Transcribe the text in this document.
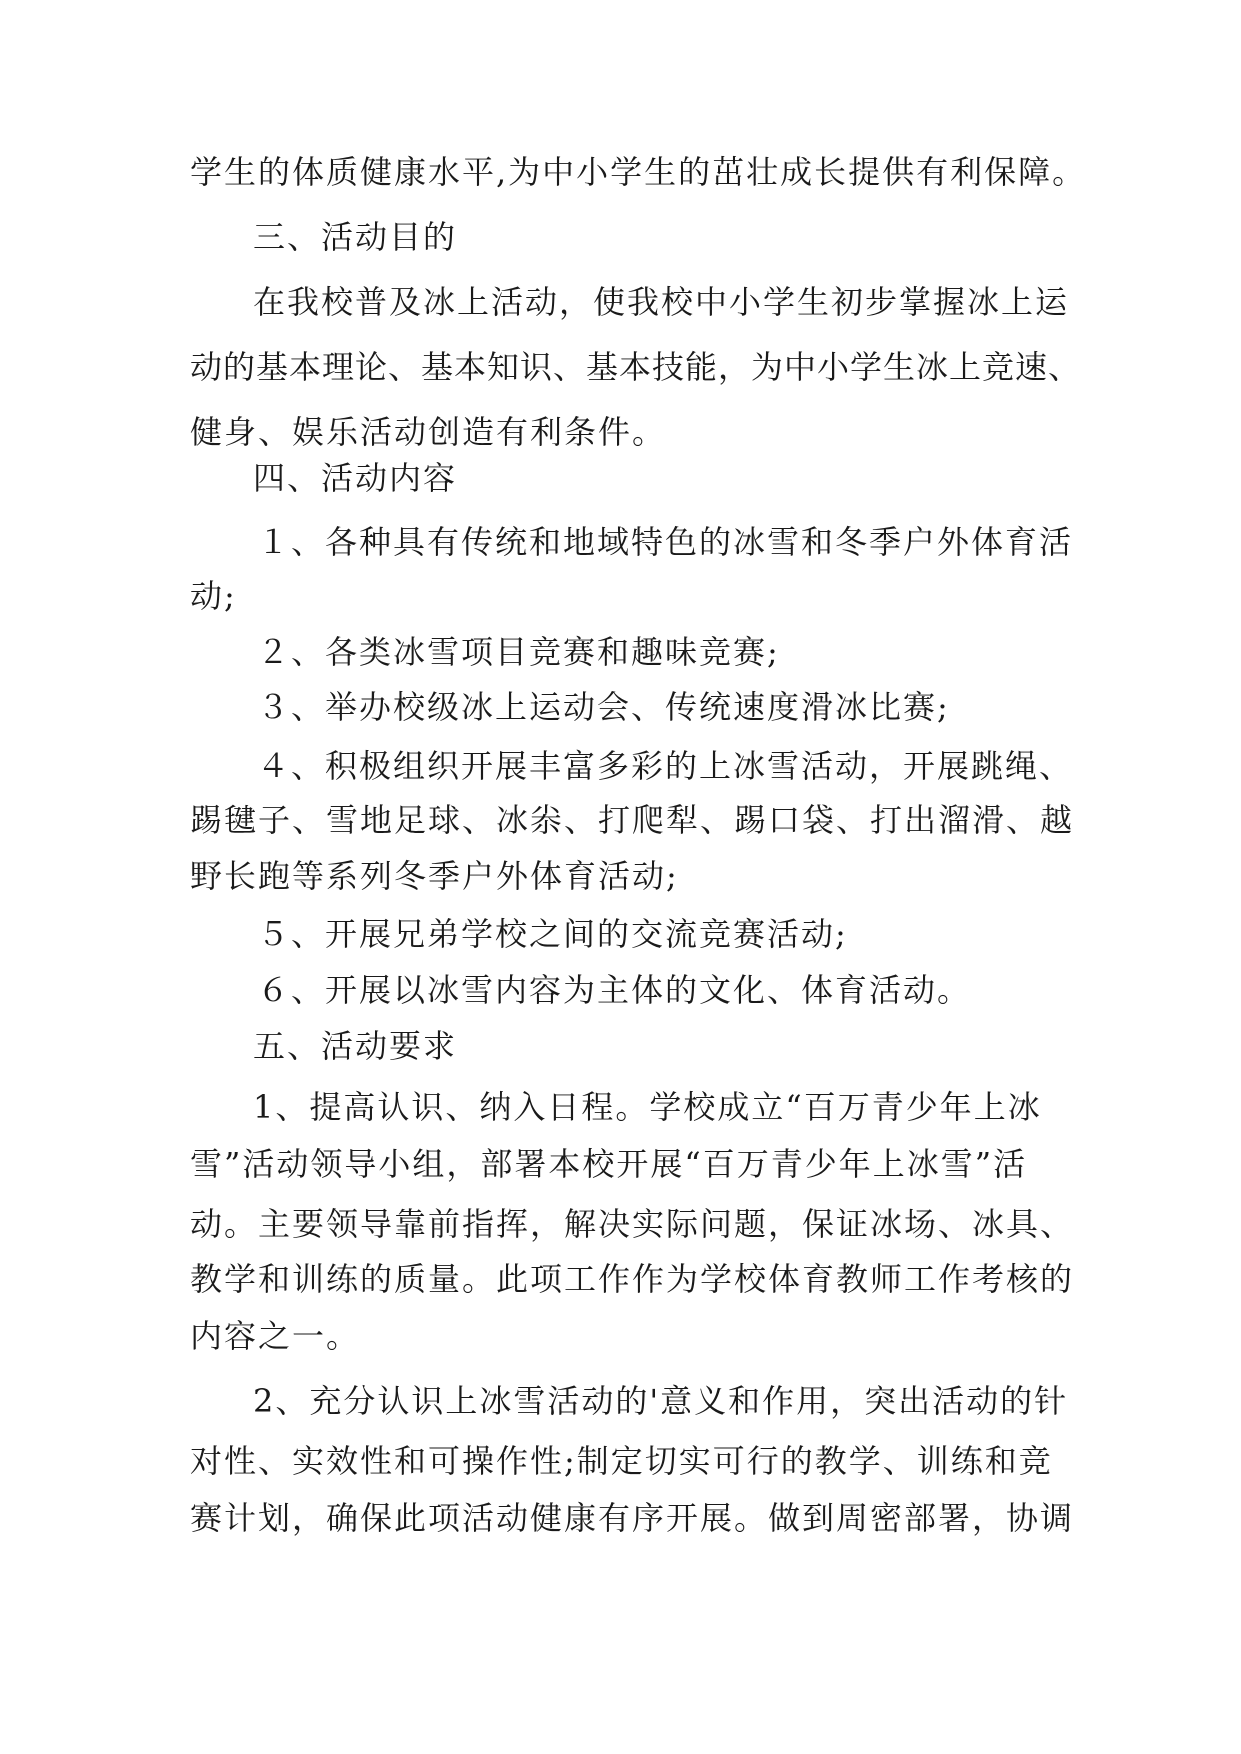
学生的体质健康水平,为中小学生的茁壮成长提供有利保障。
三、活动目的
在我校普及冰上活动，使我校中小学生初步掌握冰上运
动的基本理论、基本知识、基本技能，为中小学生冰上竞速、
健身、娱乐活动创造有利条件。
四、活动内容
１、各种具有传统和地域特色的冰雪和冬季户外体育活
动;
２、各类冰雪项目竞赛和趣味竞赛;
３、举办校级冰上运动会、传统速度滑冰比赛;
４、积极组织开展丰富多彩的上冰雪活动，开展跳绳、
踢毽子、雪地足球、冰尜、打爬犁、踢口袋、打出溜滑、越
野长跑等系列冬季户外体育活动;
５、开展兄弟学校之间的交流竞赛活动;
６、开展以冰雪内容为主体的文化、体育活动。
五、活动要求
1、提高认识、纳入日程。学校成立“百万青少年上冰
雪”活动领导小组，部署本校开展“百万青少年上冰雪”活
动。主要领导靠前指挥，解决实际问题，保证冰场、冰具、
教学和训练的质量。此项工作作为学校体育教师工作考核的
内容之一。
2、充分认识上冰雪活动的'意义和作用，突出活动的针
对性、实效性和可操作性;制定切实可行的教学、训练和竞
赛计划，确保此项活动健康有序开展。做到周密部署，协调
